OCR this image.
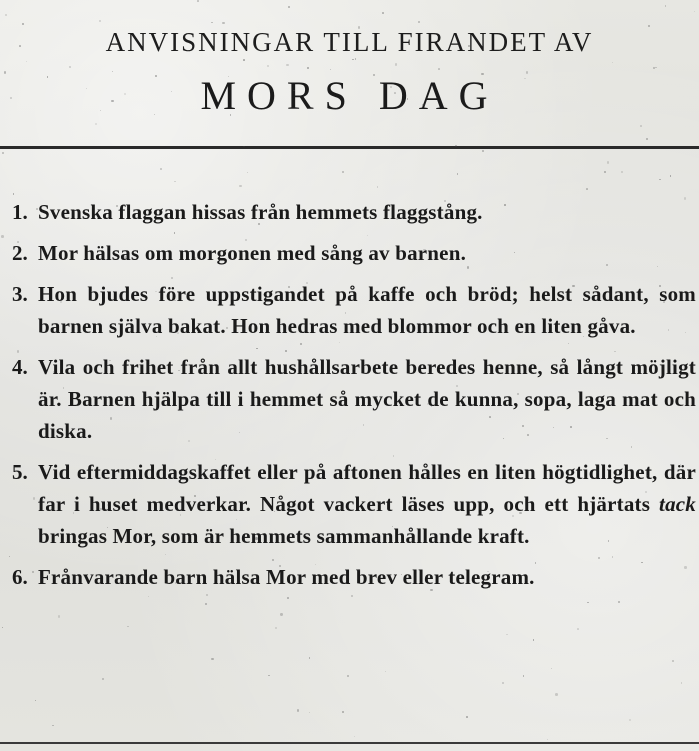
ANVISNINGAR TILL FIRANDET AV
MORS DAG
1. Svenska flaggan hissas från hemmets flaggstång.
2. Mor hälsas om morgonen med sång av barnen.
3. Hon bjudes före uppstigandet på kaffe och bröd; helst sådant, som barnen själva bakat. Hon hedras med blommor och en liten gåva.
4. Vila och frihet från allt hushållsarbete beredes henne, så långt möjligt är. Barnen hjälpa till i hemmet så mycket de kunna, sopa, laga mat och diska.
5. Vid eftermiddagskaffet eller på aftonen hålles en liten högtidlighet, där far i huset medverkar. Något vackert läses upp, och ett hjärtats tack bringas Mor, som är hemmets sammanhållande kraft.
6. Frånvarande barn hälsa Mor med brev eller telegram.
